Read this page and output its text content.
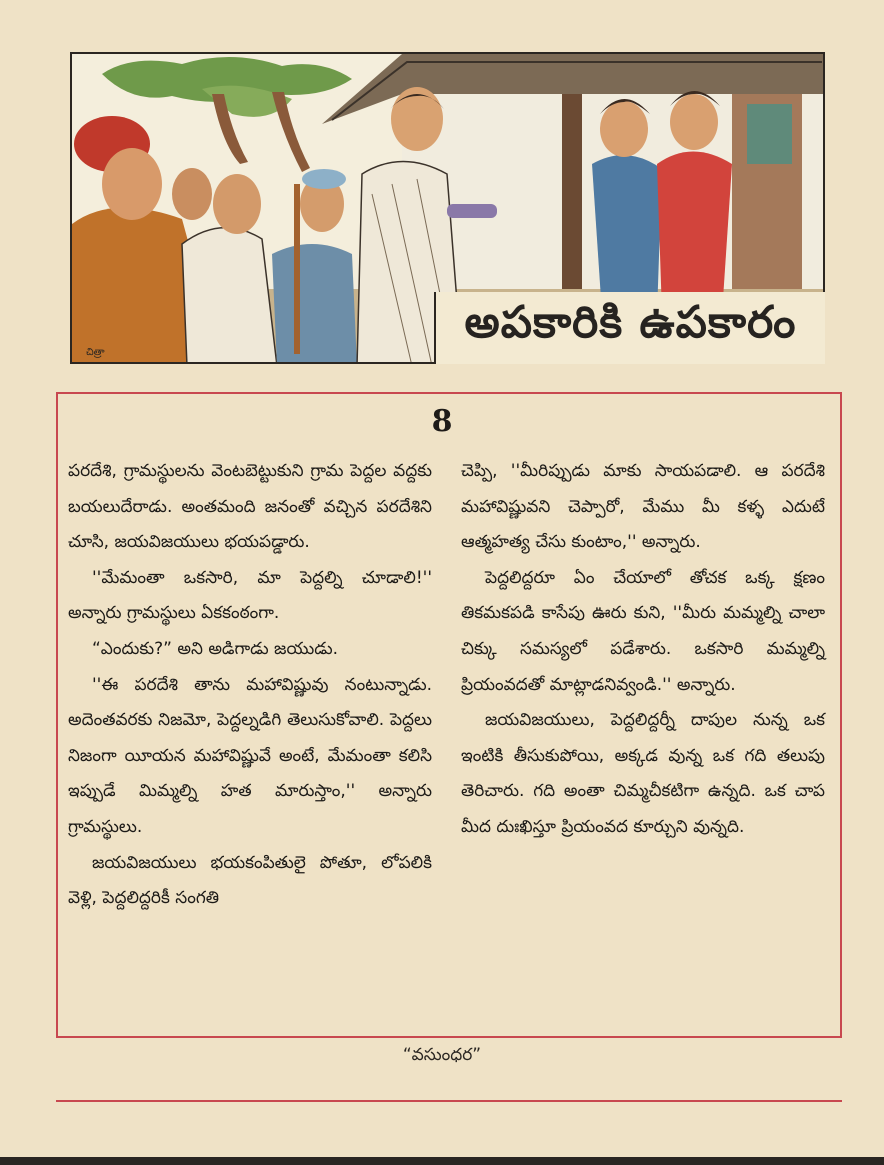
చిత్రా
అపకారికి ఉపకారం
8

పరదేశి, గ్రామస్థులను వెంటబెట్టుకుని గ్రామ పెద్దల వద్దకు బయలుదేరాడు. అంతమంది జనంతో వచ్చిన పరదేశిని చూసి, జయవిజయులు భయపడ్డారు.

''మేమంతా ఒకసారి, మా పెద్దల్ని చూడాలి!'' అన్నారు గ్రామస్థులు ఏకకంఠంగా.

“ఎందుకు?” అని అడిగాడు జయుడు.

''ఈ పరదేశి తాను మహావిష్ణువు నంటున్నాడు. అదెంతవరకు నిజమో, పెద్దల్నడిగి తెలుసుకోవాలి. పెద్దలు నిజంగా యీయన మహావిష్ణువే అంటే, మేమంతా కలిసి ఇప్పుడే మిమ్మల్ని హత మారుస్తాం,'' అన్నారు గ్రామస్థులు.

జయవిజయులు భయకంపితులై పోతూ, లోపలికి వెళ్లి, పెద్దలిద్దరికీ సంగతి

చెప్పి, ''మీరిప్పుడు మాకు సాయపడాలి. ఆ పరదేశి మహావిష్ణువని చెప్పారో, మేము మీ కళ్ళ ఎదుటే ఆత్మహత్య చేసు కుంటాం,'' అన్నారు.

పెద్దలిద్దరూ ఏం చేయాలో తోచక ఒక్క క్షణం తికమకపడి కాసేపు ఊరు కుని, ''మీరు మమ్మల్ని చాలా చిక్కు సమస్యలో పడేశారు. ఒకసారి మమ్మల్ని ప్రియంవదతో మాట్లాడనివ్వండి.'' అన్నారు.

జయవిజయులు, పెద్దలిద్దర్నీ దాపుల నున్న ఒక ఇంటికి తీసుకుపోయి, అక్కడ వున్న ఒక గది తలుపు తెరిచారు. గది అంతా చిమ్మచీకటిగా ఉన్నది. ఒక చాప మీద దుఃఖిస్తూ ప్రియంవద కూర్చుని వున్నది.

“వసుంధర”
